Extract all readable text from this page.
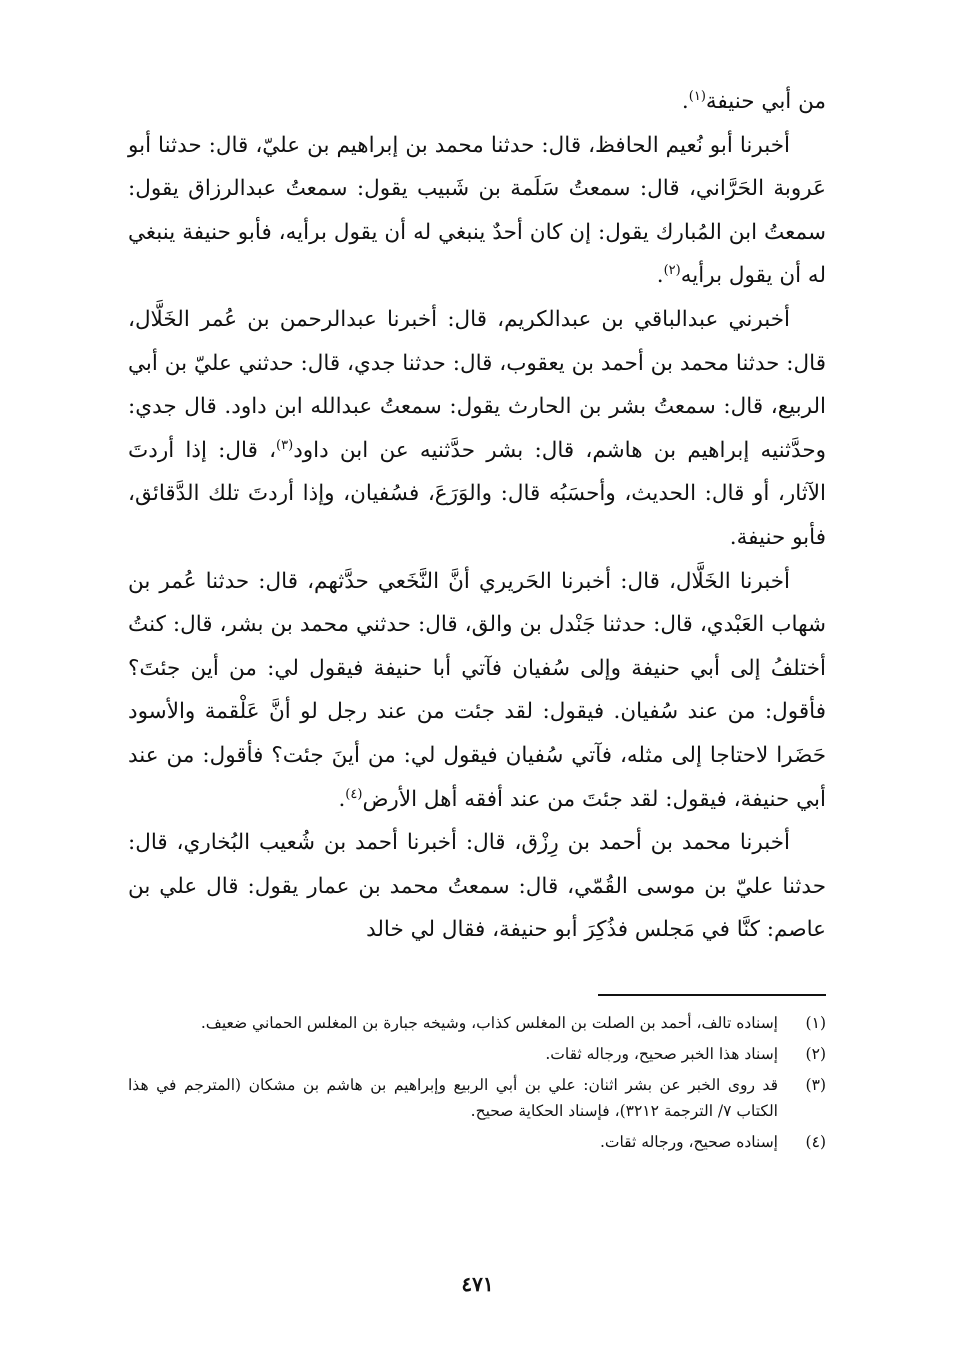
من أبي حنيفة$^{(١)}$.

أخبرنا أبو نُعيم الحافظ، قال: حدثنا محمد بن إبراهيم بن عليّ، قال: حدثنا أبو عَروبة الحَرَّاني، قال: سمعتُ سَلَمة بن شَبيب يقول: سمعتُ عبدالرزاق يقول: سمعتُ ابن المُبارك يقول: إن كان أحدٌ ينبغي له أن يقول برأيه، فأبو حنيفة ينبغي له أن يقول برأيه$^{(٢)}$.

أخبرني عبدالباقي بن عبدالكريم، قال: أخبرنا عبدالرحمن بن عُمر الخَلَّال، قال: حدثنا محمد بن أحمد بن يعقوب، قال: حدثنا جدي، قال: حدثني عليّ بن أبي الربيع، قال: سمعتُ بشر بن الحارث يقول: سمعتُ عبدالله ابن داود. قال جدي: وحدَّثنيه إبراهيم بن هاشم، قال: بشر حدَّثنيه عن ابن داود$^{(٣)}$، قال: إذا أردتَ الآثار، أو قال: الحديث، وأحسَبُه قال: والوَرَعَ، فسُفيان، وإذا أردتَ تلك الدَّقائق، فأبو حنيفة.

أخبرنا الخَلَّال، قال: أخبرنا الحَريري أنَّ النَّخَعي حدَّثهم، قال: حدثنا عُمر بن شهاب العَبْدي، قال: حدثنا جَنْدل بن والق، قال: حدثني محمد بن بشر، قال: كنتُ أختلفُ إلى أبي حنيفة وإلى سُفيان فآتي أبا حنيفة فيقول لي: من أين جئتَ؟ فأقول: من عند سُفيان. فيقول: لقد جئت من عند رجل لو أنَّ عَلْقمة والأسود حَضَرا لاحتاجا إلى مثله، فآتي سُفيان فيقول لي: من أينَ جئت؟ فأقول: من عند أبي حنيفة، فيقول: لقد جئتَ من عند أفقه أهل الأرض$^{(٤)}$.

أخبرنا محمد بن أحمد بن رِزْق، قال: أخبرنا أحمد بن شُعيب البُخاري، قال: حدثنا عليّ بن موسى القُمّي، قال: سمعتُ محمد بن عمار يقول: قال علي بن عاصم: كنَّا في مَجلس فذُكِرَ أبو حنيفة، فقال لي خالد

(١)
إسناده تالف، أحمد بن الصلت بن المغلس كذاب، وشيخه جبارة بن المغلس الحماني ضعيف.
(٢)
إسناد هذا الخبر صحيح، ورجاله ثقات.
(٣)
قد روى الخبر عن بشر اثنان: علي بن أبي الربيع وإبراهيم بن هاشم بن مشكان (المترجم في هذا الكتاب ٧/ الترجمة ٣٢١٢)، فإسناد الحكاية صحيح.
(٤)
إسناده صحيح، ورجاله ثقات.
٤٧١
